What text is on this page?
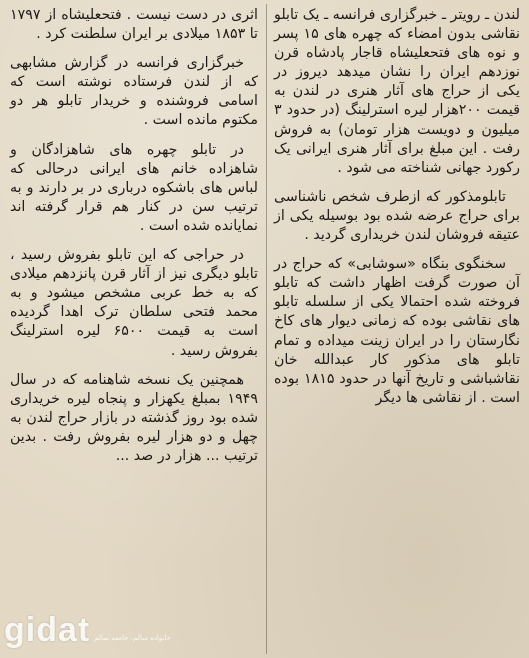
لندن ـ رویتر ـ خبرگزاری فرانسه ـ یک تابلو نقاشی بدون امضاء که چهره های ۱۵ پسر و نوه های فتحعلیشاه قاجار پادشاه قرن نوزدهم ایران را نشان میدهد دیروز در یکی از حراج های آثار هنری در لندن به قیمت ۲۰۰هزار لیره استرلینگ (در حدود ۳ میلیون و دویست هزار تومان) به فروش رفت . این مبلغ برای آثار هنری ایرانی یک رکورد جهانی شناخته می شود .

تابلومذکور که ازطرف شخص ناشناسی برای حراج عرضه شده بود بوسیله یکی از عتیقه فروشان لندن خریداری گردید .

سخنگوی بنگاه «سوشابی» که حراج در آن صورت گرفت اظهار داشت که تابلو فروخته شده احتمالا یکی از سلسله تابلو های نقاشی بوده که زمانی دیوار های کاخ نگارستان را در ایران زینت میداده و تمام تابلو های مذکور کار عبدالله خان نقاشباشی و تاریخ آنها در حدود ۱۸۱۵ بوده است . از نقاشی ها دیگر

اثری در دست نیست . فتحعلیشاه از ۱۷۹۷ تا ۱۸۵۳ میلادی بر ایران سلطنت کرد .

خبرگزاری فرانسه در گزارش مشابهی که از لندن فرستاده نوشته است که اسامی فروشنده و خریدار تابلو هر دو مکتوم مانده است .

در تابلو چهره های شاهزادگان و شاهزاده خانم های ایرانی درحالی که لباس های باشکوه درباری در بر دارند و به ترتیب سن در کنار هم قرار گرفته اند نمایانده شده است .

در حراجی که این تابلو بفروش رسید ، تابلو دیگری نیز از آثار قرن پانزدهم میلادی که به خط عربی مشخص میشود و به محمد فتحی سلطان ترک اهدا گردیده است به قیمت ۶۵۰۰ لیره استرلینگ بفروش رسید .

همچنین یک نسخه شاهنامه که در سال ۱۹۴۹ بمبلغ یکهزار و پنجاه لیره خریداری شده بود روز گذشته در بازار حراج لندن به چهل و دو هزار لیره بفروش رفت . بدین ترتیب ... هزار در صد ...

gidat خانواده سالم، جامعه سالم
